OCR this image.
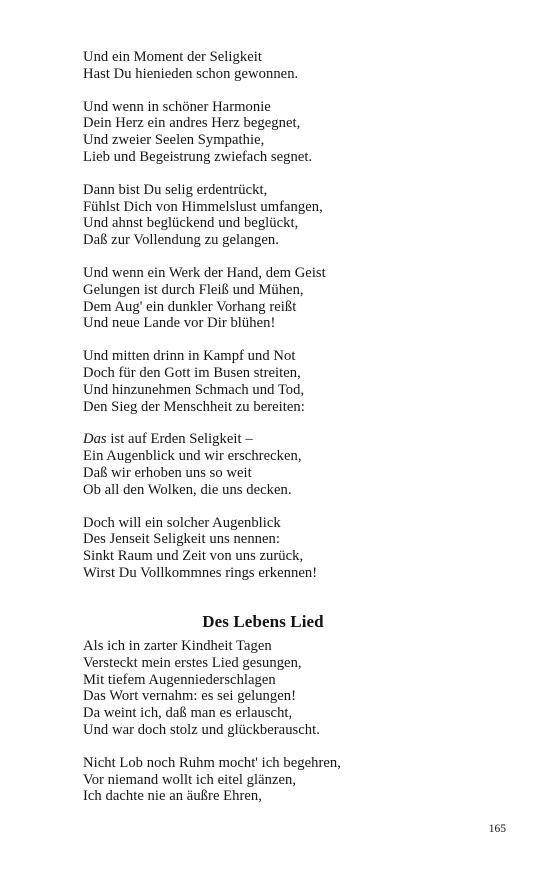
Und ein Moment der Seligkeit
Hast Du hienieden schon gewonnen.
Und wenn in schöner Harmonie
Dein Herz ein andres Herz begegnet,
Und zweier Seelen Sympathie,
Lieb und Begeistrung zwiefach segnet.
Dann bist Du selig erdentrückt,
Fühlst Dich von Himmelslust umfangen,
Und ahnst beglückend und beglückt,
Daß zur Vollendung zu gelangen.
Und wenn ein Werk der Hand, dem Geist
Gelungen ist durch Fleiß und Mühen,
Dem Aug' ein dunkler Vorhang reißt
Und neue Lande vor Dir blühen!
Und mitten drinn in Kampf und Not
Doch für den Gott im Busen streiten,
Und hinzunehmen Schmach und Tod,
Den Sieg der Menschheit zu bereiten:
Das ist auf Erden Seligkeit –
Ein Augenblick und wir erschrecken,
Daß wir erhoben uns so weit
Ob all den Wolken, die uns decken.
Doch will ein solcher Augenblick
Des Jenseit Seligkeit uns nennen:
Sinkt Raum und Zeit von uns zurück,
Wirst Du Vollkommnes rings erkennen!
Des Lebens Lied
Als ich in zarter Kindheit Tagen
Versteckt mein erstes Lied gesungen,
Mit tiefem Augenniederschlagen
Das Wort vernahm: es sei gelungen!
Da weint ich, daß man es erlauscht,
Und war doch stolz und glückberauscht.
Nicht Lob noch Ruhm mocht' ich begehren,
Vor niemand wollt ich eitel glänzen,
Ich dachte nie an äußre Ehren,
165
